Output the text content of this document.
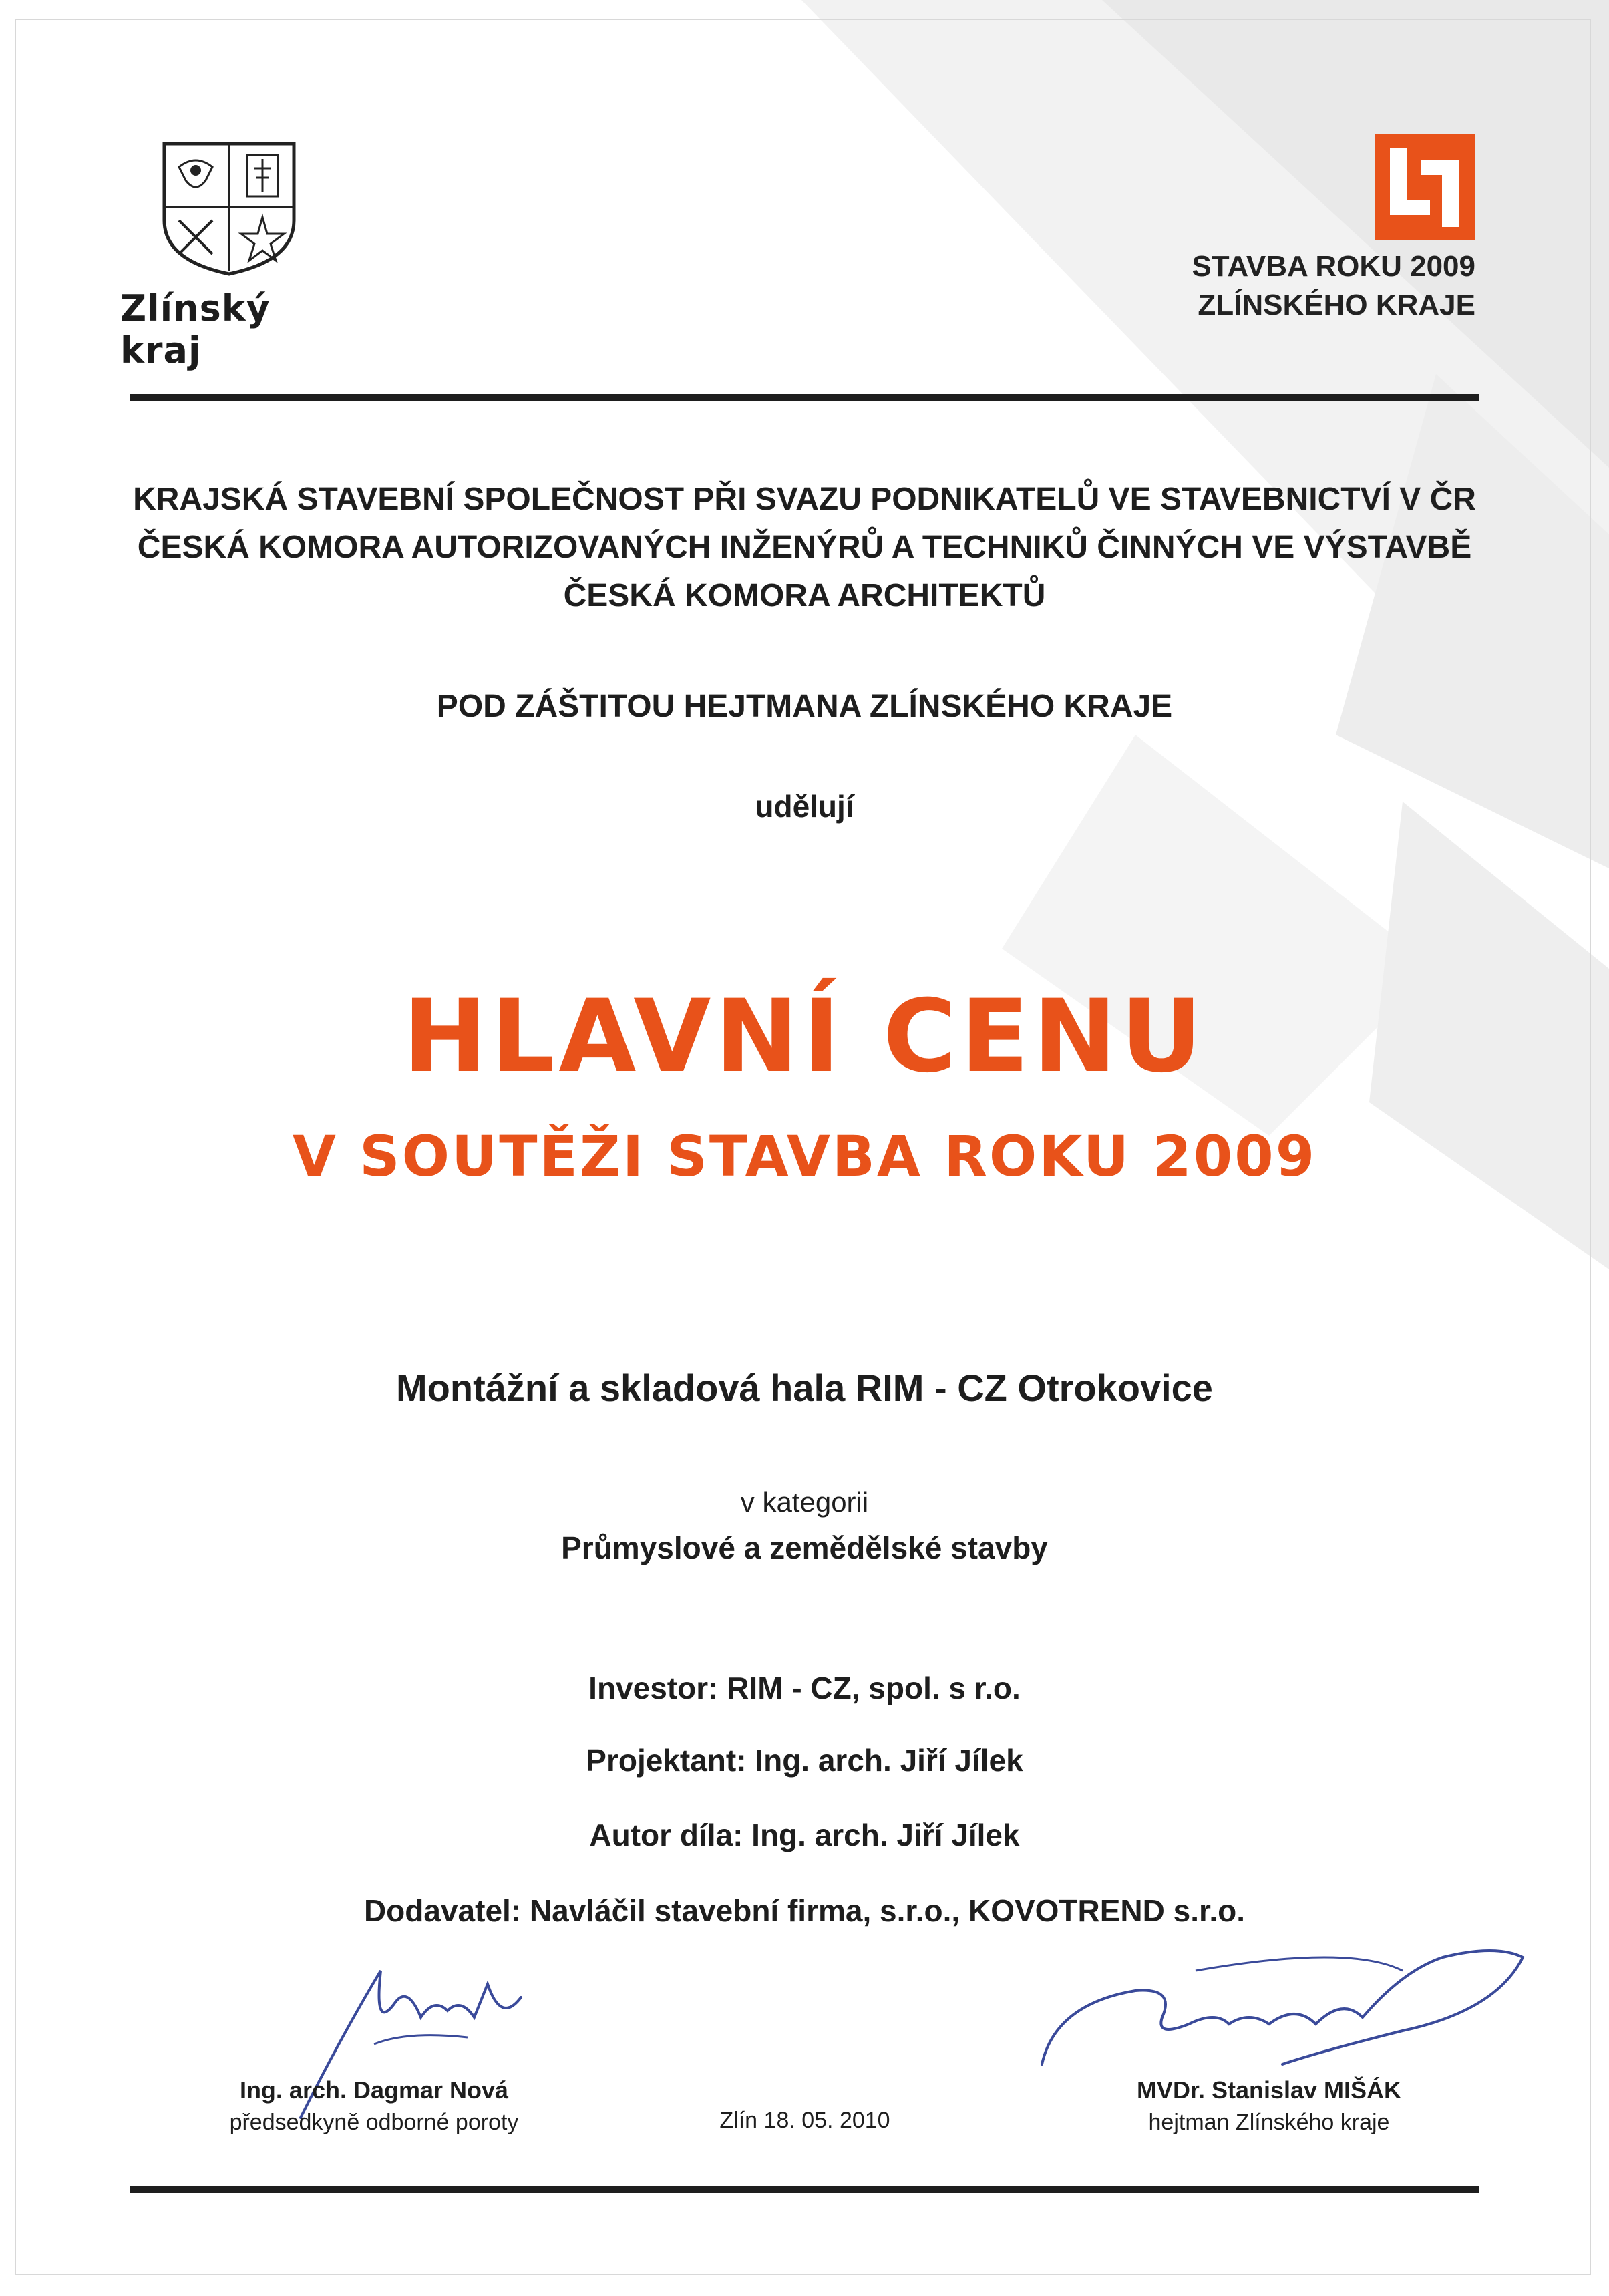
Zlínský kraj
STAVBA ROKU 2009
ZLÍNSKÉHO KRAJE
KRAJSKÁ STAVEBNÍ SPOLEČNOST PŘI SVAZU PODNIKATELŮ VE STAVEBNICTVÍ V ČR
ČESKÁ KOMORA AUTORIZOVANÝCH INŽENÝRŮ A TECHNIKŮ ČINNÝCH VE VÝSTAVBĚ
ČESKÁ KOMORA ARCHITEKTŮ
POD ZÁŠTITOU HEJTMANA ZLÍNSKÉHO KRAJE
udělují
HLAVNÍ CENU
V SOUTĚŽI STAVBA ROKU 2009
Montážní a skladová hala RIM - CZ Otrokovice
v kategorii
Průmyslové a zemědělské stavby
Investor: RIM - CZ, spol. s r.o.
Projektant: Ing. arch. Jiří Jílek
Autor díla: Ing. arch. Jiří Jílek
Dodavatel: Navláčil stavební firma, s.r.o., KOVOTREND s.r.o.
Ing. arch. Dagmar Nová
předsedkyně odborné poroty	Zlín 18. 05. 2010
MVDr. Stanislav MIŠÁK
hejtman Zlínského kraje
